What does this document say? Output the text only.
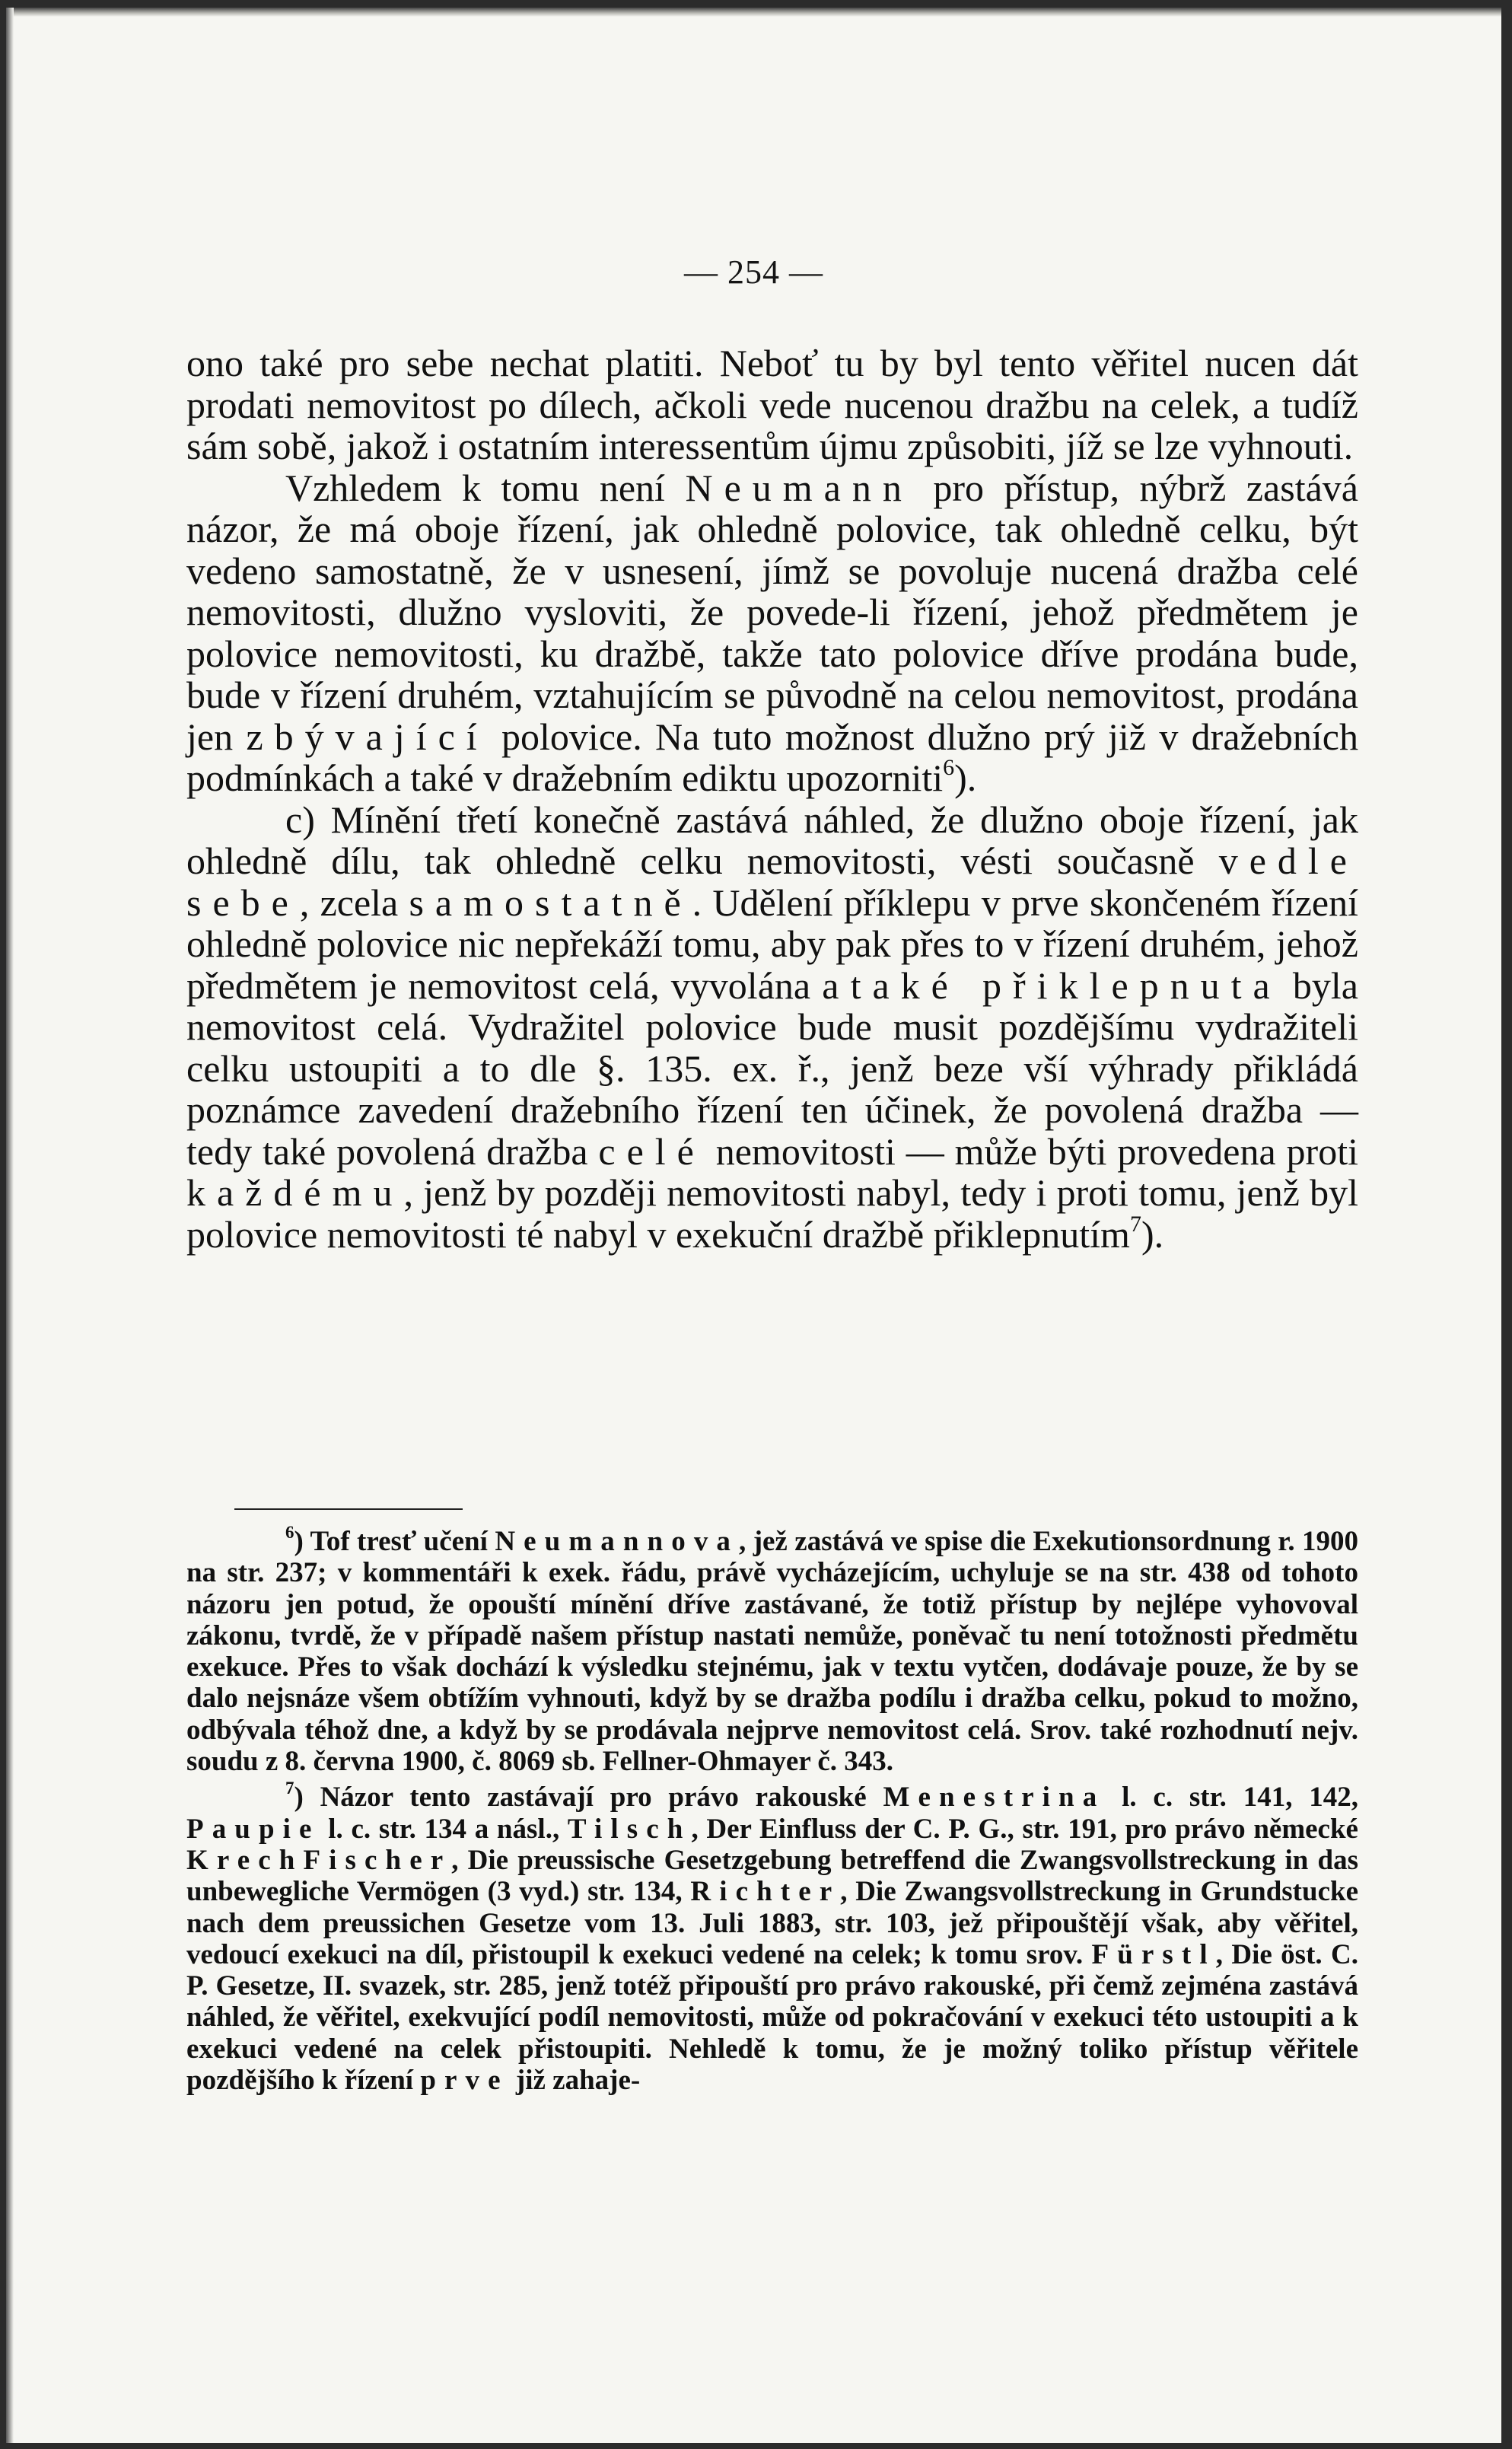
— 254 —

ono také pro sebe nechat platiti. Neboť tu by byl tento věřitel nucen dát prodati nemovitost po dílech, ačkoli vede nucenou dražbu na celek, a tudíž sám sobě, jakož i ostatním interessentům újmu způsobiti, jíž se lze vyhnouti.

Vzhledem k tomu není Neumann pro přístup, nýbrž zastává názor, že má oboje řízení, jak ohledně polovice, tak ohledně celku, být vedeno samostatně, že v usnesení, jímž se povoluje nucená dražba celé nemovitosti, dlužno vysloviti, že povede-li řízení, jehož předmětem je polovice nemovitosti, ku dražbě, takže tato polovice dříve prodána bude, bude v řízení druhém, vztahujícím se původně na celou nemovitost, prodána jen zbývající polovice. Na tuto možnost dlužno prý již v dražebních podmínkách a také v dražebním ediktu upozorniti$^6$).

c) Mínění třetí konečně zastává náhled, že dlužno oboje řízení, jak ohledně dílu, tak ohledně celku nemovitosti, vésti současně vedle sebe, zcela samostatně. Udělení příklepu v prve skončeném řízení ohledně polovice nic nepřekáží tomu, aby pak přes to v řízení druhém, jehož předmětem je nemovitost celá, vyvolána a také přiklepnuta byla nemovitost celá. Vydražitel polovice bude musit pozdějšímu vydražiteli celku ustoupiti a to dle §. 135. ex. ř., jenž beze vší výhrady přikládá poznámce zavedení dražebního řízení ten účinek, že povolená dražba — tedy také povolená dražba celé nemovitosti — může býti provedena proti každému, jenž by později nemovitosti nabyl, tedy i proti tomu, jenž byl polovice nemovitosti té nabyl v exekuční dražbě přiklepnutím$^7$).

$^6$) Tof tresť učení Neumannova, jež zastává ve spise die Exekutionsordnung r. 1900 na str. 237; v kommentáři k exek. řádu, právě vycházejícím, uchyluje se na str. 438 od tohoto názoru jen potud, že opouští mínění dříve zastávané, že totiž přístup by nejlépe vyhovoval zákonu, tvrdě, že v případě našem přístup nastati nemůže, poněvač tu není totožnosti předmětu exekuce. Přes to však dochází k výsledku stejnému, jak v textu vytčen, dodávaje pouze, že by se dalo nejsnáze všem obtížím vyhnouti, když by se dražba podílu i dražba celku, pokud to možno, odbývala téhož dne, a když by se prodávala nejprve nemovitost celá. Srov. také rozhodnutí nejv. soudu z 8. června 1900, č. 8069 sb. Fellner-Ohmayer č. 343.

$^7$) Názor tento zastávají pro právo rakouské Menestrina l. c. str. 141, 142, Paupie l. c. str. 134 a násl., Tilsch, Der Einfluss der C. P. G., str. 191, pro právo německé KrechFischer, Die preussische Gesetzgebung betreffend die Zwangsvollstreckung in das unbewegliche Vermögen (3 vyd.) str. 134, Richter, Die Zwangsvollstreckung in Grundstucke nach dem preussichen Gesetze vom 13. Juli 1883, str. 103, jež připouštějí však, aby věřitel, vedoucí exekuci na díl, přistoupil k exekuci vedené na celek; k tomu srov. Fürstl, Die öst. C. P. Gesetze, II. svazek, str. 285, jenž totéž připouští pro právo rakouské, při čemž zejména zastává náhled, že věřitel, exekvující podíl nemovitosti, může od pokračování v exekuci této ustoupiti a k exekuci vedené na celek přistoupiti. Nehledě k tomu, že je možný toliko přístup věřitele pozdějšího k řízení prve již zahaje-
